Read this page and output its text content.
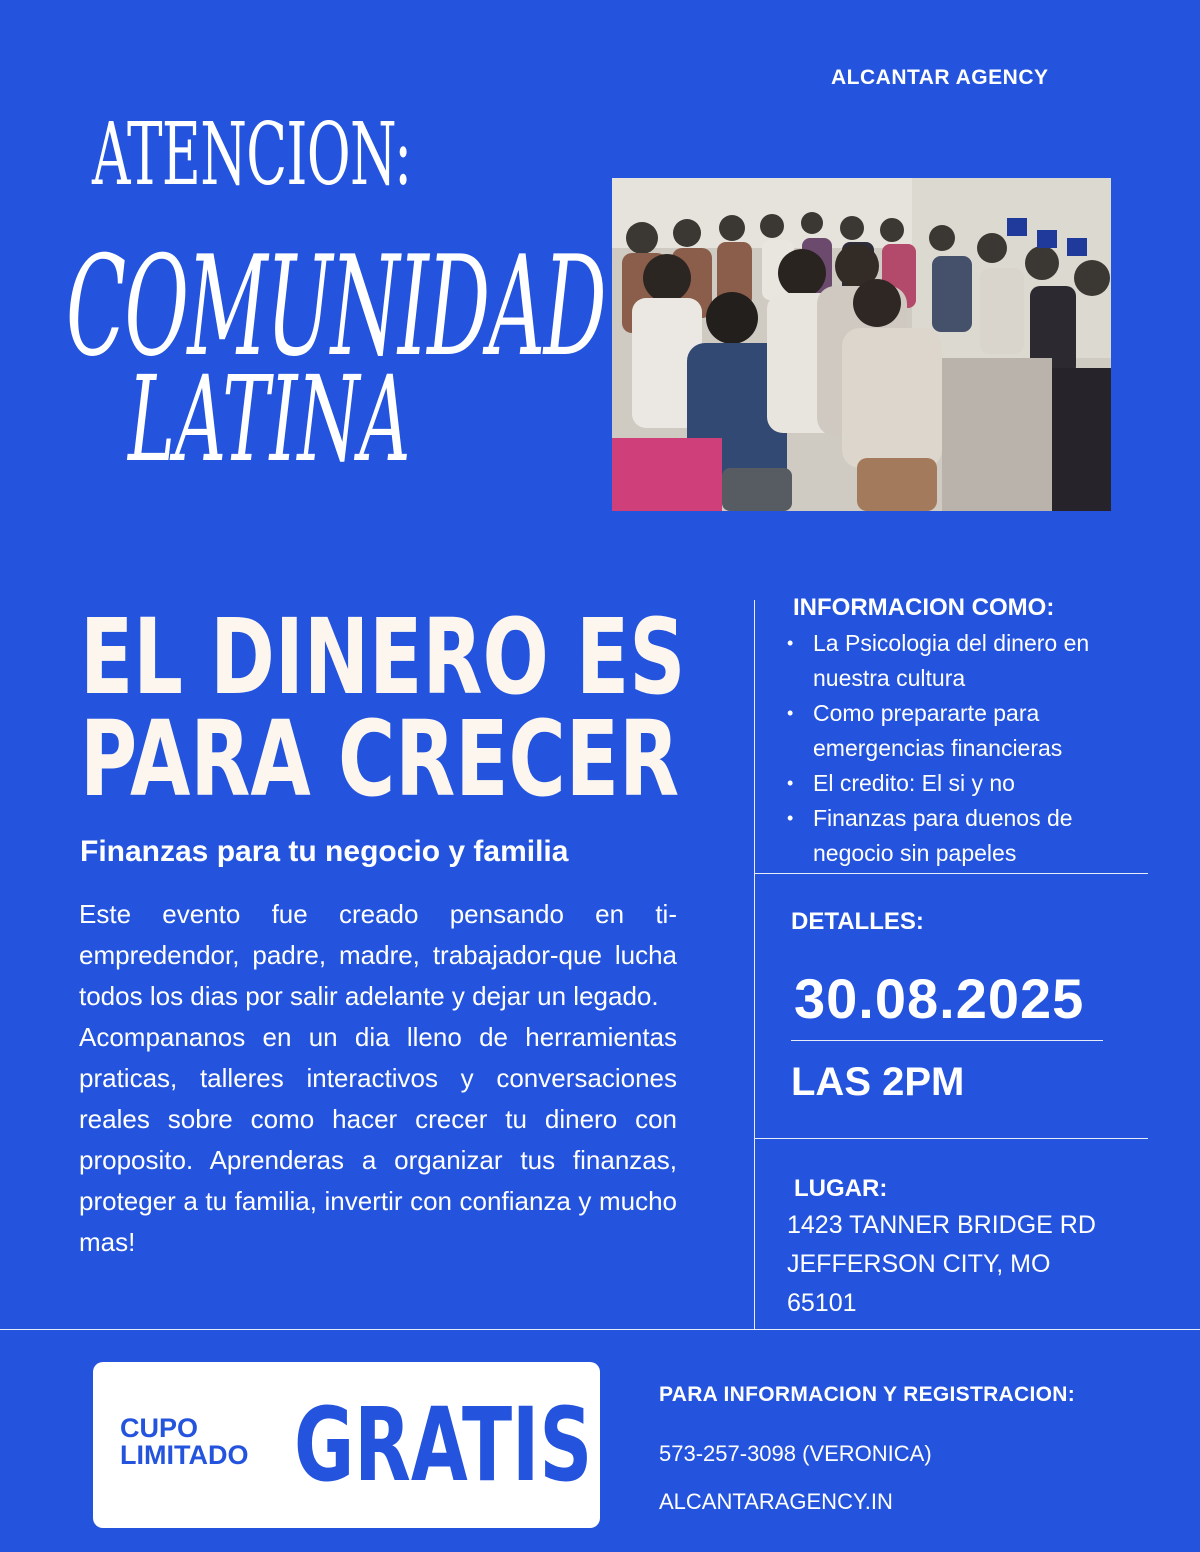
ALCANTAR AGENCY
ATENCION:
COMUNIDAD
LATINA
EL DINERO ES
PARA CRECER
Finanzas para tu negocio y familia

Este evento fue creado pensando en ti-empredendor, padre, madre, trabajador-que lucha todos los dias por salir adelante y dejar un legado.

Acompananos en un dia lleno de herramientas praticas, talleres interactivos y conversaciones reales sobre como hacer crecer tu dinero con proposito. Aprenderas a organizar tus finanzas, proteger a tu familia, invertir con confianza y mucho mas!

INFORMACION COMO:
• La Psicologia del dinero en nuestra cultura
• Como prepararte para emergencias financieras
• El credito: El si y no
• Finanzas para duenos de negocio sin papeles
DETALLES:
30.08.2025
LAS 2PM
LUGAR:
1423 TANNER BRIDGE RD
JEFFERSON CITY, MO
65101
CUPO
LIMITADO GRATIS! PARA INFORMACION Y REGISTRACION:
573-257-3098 (VERONICA)
ALCANTARAGENCY.IN
